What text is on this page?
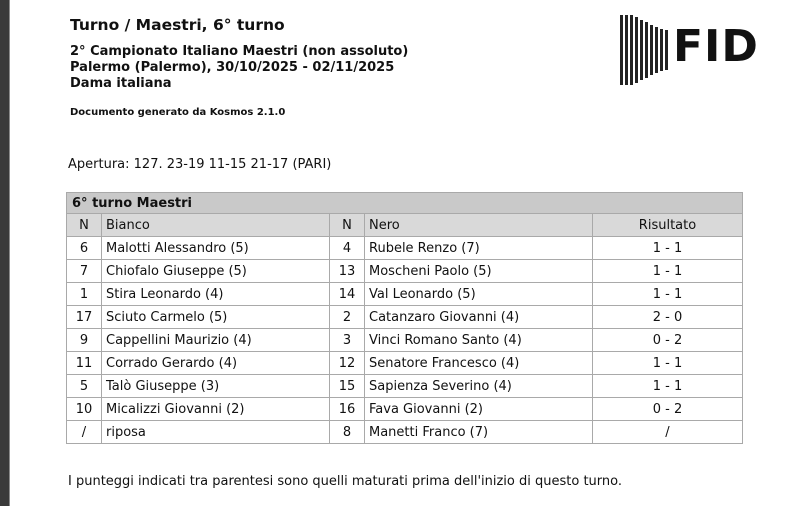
Turno / Maestri, 6° turno
2° Campionato Italiano Maestri (non assoluto)
Palermo (Palermo), 30/10/2025 - 02/11/2025
Dama italiana
Documento generato da Kosmos 2.1.0
FID
Apertura: 127. 23-19 11-15 21-17 (PARI)
6° turno Maestri				
N	Bianco	N	Nero	Risultato
6	Malotti Alessandro (5)	4	Rubele Renzo (7)	1 - 1
7	Chiofalo Giuseppe (5)	13	Moscheni Paolo (5)	1 - 1
1	Stira Leonardo (4)	14	Val Leonardo (5)	1 - 1
17	Sciuto Carmelo (5)	2	Catanzaro Giovanni (4)	2 - 0
9	Cappellini Maurizio (4)	3	Vinci Romano Santo (4)	0 - 2
11	Corrado Gerardo (4)	12	Senatore Francesco (4)	1 - 1
5	Talò Giuseppe (3)	15	Sapienza Severino (4)	1 - 1
10	Micalizzi Giovanni (2)	16	Fava Giovanni (2)	0 - 2
/	riposa	8	Manetti Franco (7)	/
I punteggi indicati tra parentesi sono quelli maturati prima dell'inizio di questo turno.
